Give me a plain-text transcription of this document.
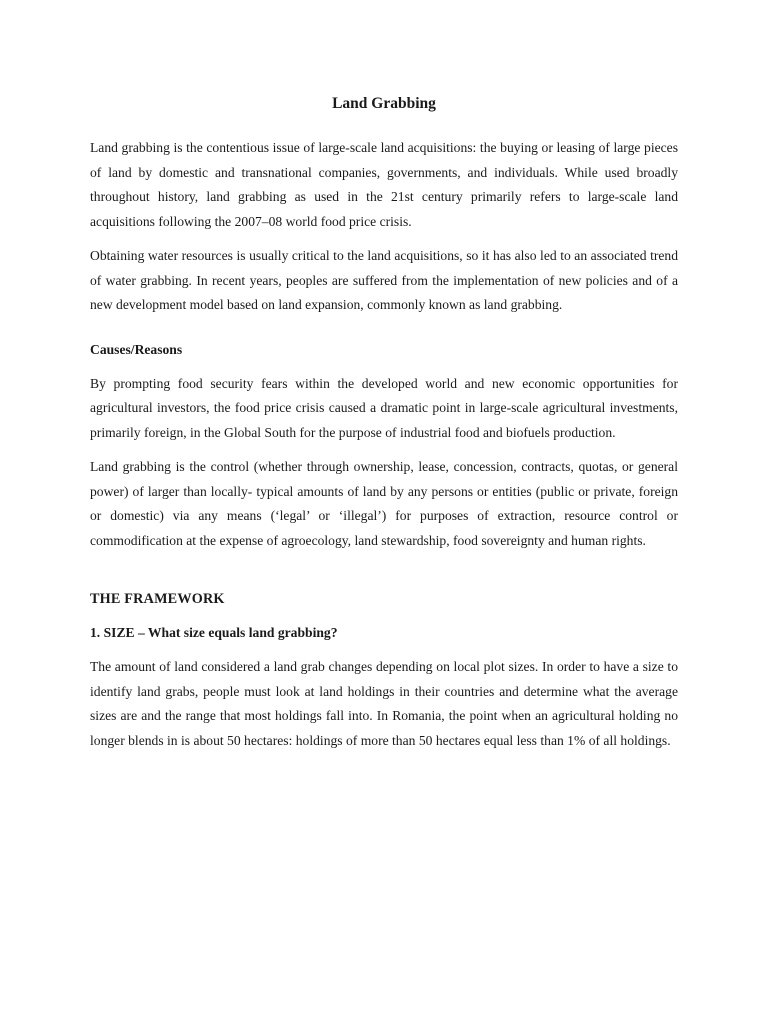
Land Grabbing

Land grabbing is the contentious issue of large-scale land acquisitions: the buying or leasing of large pieces of land by domestic and transnational companies, governments, and individuals. While used broadly throughout history, land grabbing as used in the 21st century primarily refers to large-scale land acquisitions following the 2007–08 world food price crisis.

Obtaining water resources is usually critical to the land acquisitions, so it has also led to an associated trend of water grabbing. In recent years, peoples are suffered from the implementation of new policies and of a new development model based on land expansion, commonly known as land grabbing.

Causes/Reasons

By prompting food security fears within the developed world and new economic opportunities for agricultural investors, the food price crisis caused a dramatic point in large-scale agricultural investments, primarily foreign, in the Global South for the purpose of industrial food and biofuels production.

Land grabbing is the control (whether through ownership, lease, concession, contracts, quotas, or general power) of larger than locally- typical amounts of land by any persons or entities (public or private, foreign or domestic) via any means (‘legal’ or ‘illegal’) for purposes of extraction, resource control or commodification at the expense of agroecology, land stewardship, food sovereignty and human rights.

THE FRAMEWORK
1. SIZE – What size equals land grabbing?

The amount of land considered a land grab changes depending on local plot sizes. In order to have a size to identify land grabs, people must look at land holdings in their countries and determine what the average sizes are and the range that most holdings fall into. In Romania, the point when an agricultural holding no longer blends in is about 50 hectares: holdings of more than 50 hectares equal less than 1% of all holdings.
